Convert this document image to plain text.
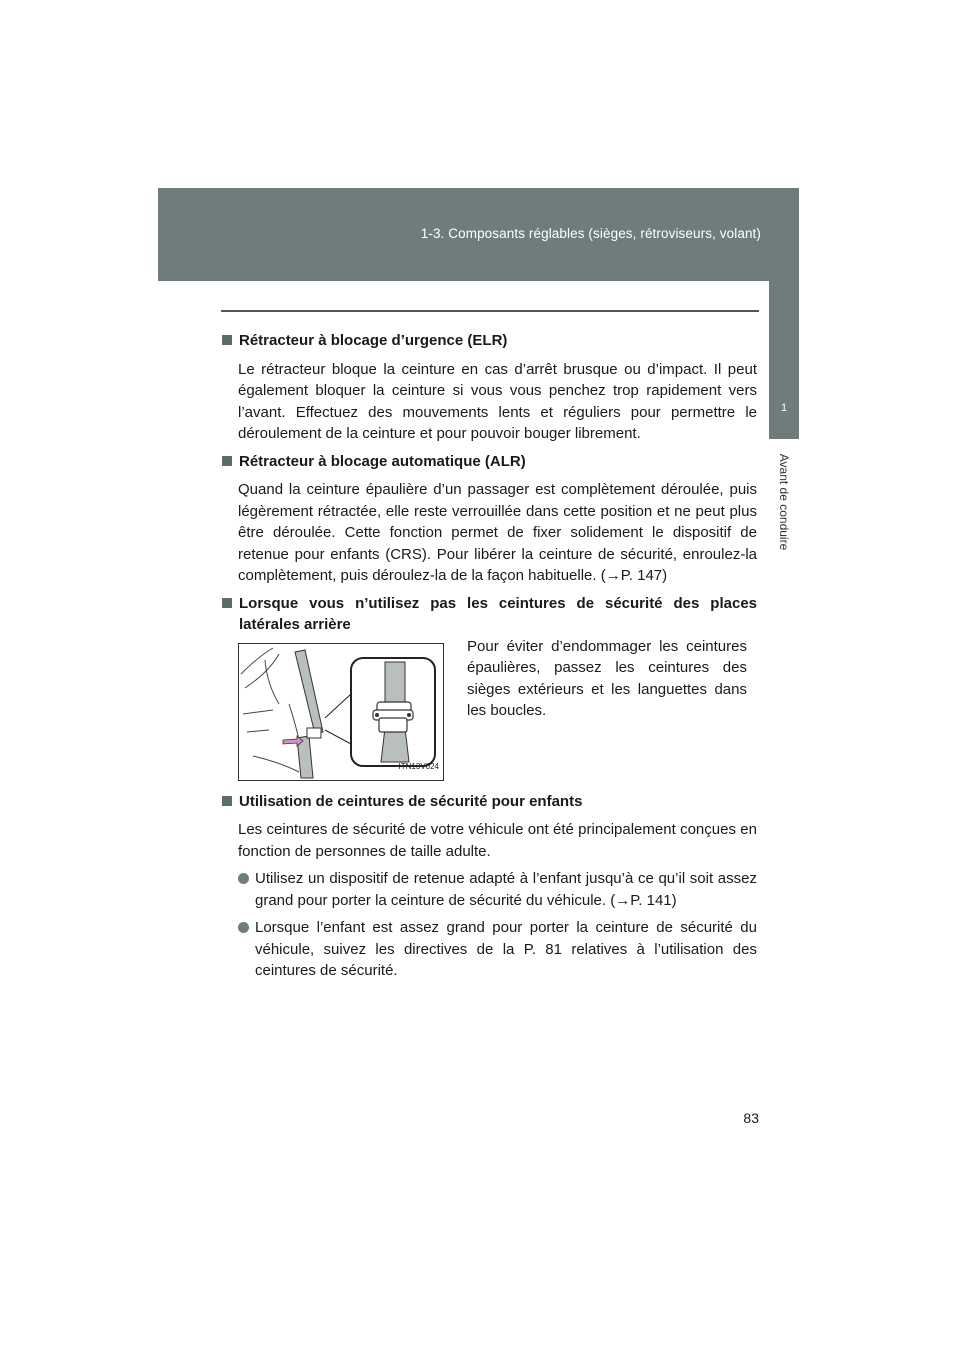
1-3. Composants réglables (sièges, rétroviseurs, volant)
1
Avant de conduire
Rétracteur à blocage d’urgence (ELR)

Le rétracteur bloque la ceinture en cas d’arrêt brusque ou d’impact. Il peut également bloquer la ceinture si vous vous penchez trop rapidement vers l’avant. Effectuez des mouvements lents et réguliers pour permettre le déroulement de la ceinture et pour pouvoir bouger librement.

Rétracteur à blocage automatique (ALR)

Quand la ceinture épaulière d’un passager est complètement déroulée, puis légèrement rétractée, elle reste verrouillée dans cette position et ne peut plus être déroulée. Cette fonction permet de fixer solidement le dispositif de retenue pour enfants (CRS). Pour libérer la ceinture de sécurité, enroulez-la complètement, puis déroulez-la de la façon habituelle. (→P. 147)

Lorsque vous n’utilisez pas les ceintures de sécurité des places latérales arrière
ITN13V024

Pour éviter d’endommager les ceintures épaulières, passez les ceintures des sièges extérieurs et les languettes dans les boucles.

Utilisation de ceintures de sécurité pour enfants

Les ceintures de sécurité de votre véhicule ont été principalement conçues en fonction de personnes de taille adulte.

Utilisez un dispositif de retenue adapté à l’enfant jusqu’à ce qu’il soit assez grand pour porter la ceinture de sécurité du véhicule. (→P. 141)
Lorsque l’enfant est assez grand pour porter la ceinture de sécurité du véhicule, suivez les directives de la P. 81 relatives à l’utilisation des ceintures de sécurité.
83
